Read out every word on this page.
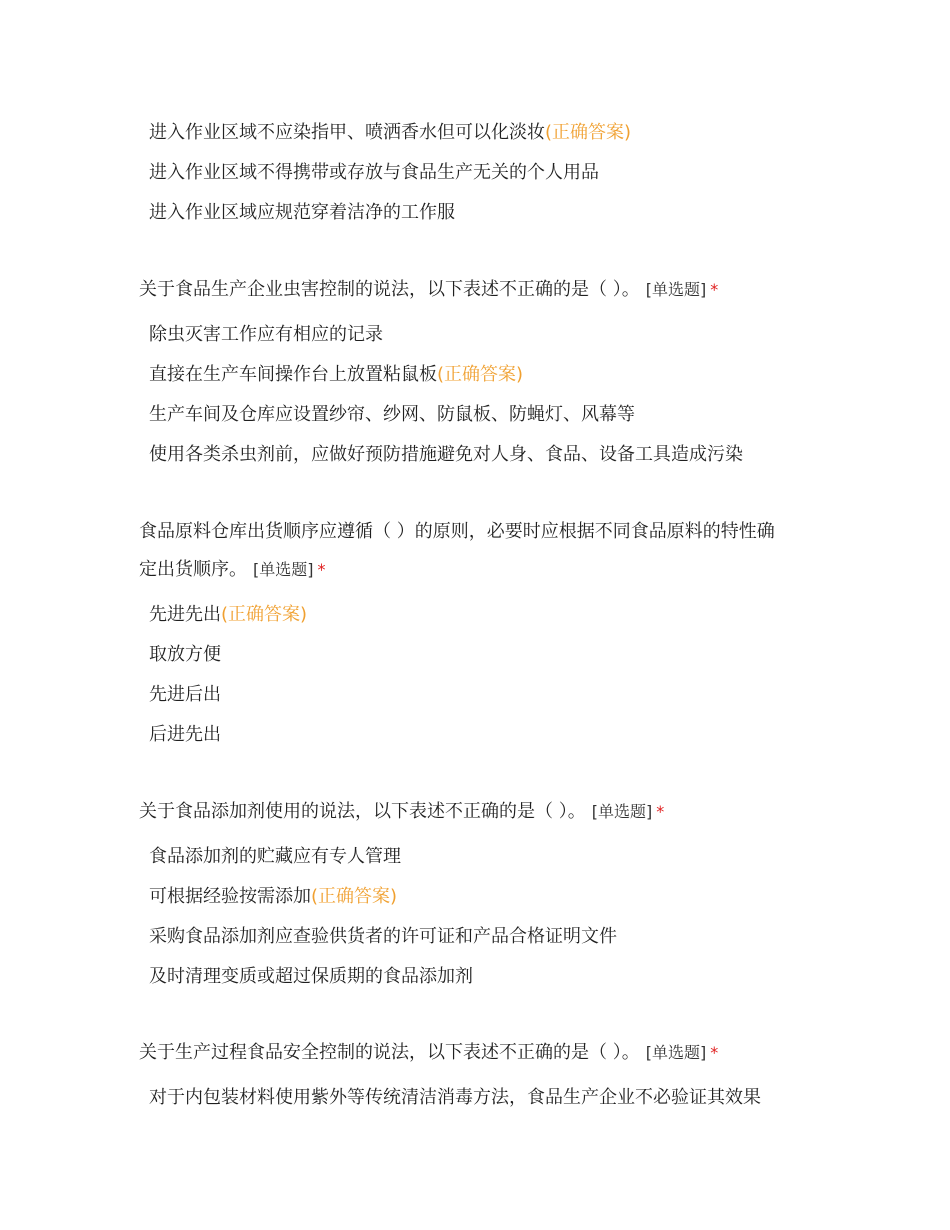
进入作业区域不应染指甲、喷洒香水但可以化淡妆(正确答案)
进入作业区域不得携带或存放与食品生产无关的个人用品
进入作业区域应规范穿着洁净的工作服
关于食品生产企业虫害控制的说法，以下表述不正确的是（ ）。 [单选题] *
除虫灭害工作应有相应的记录
直接在生产车间操作台上放置粘鼠板(正确答案)
生产车间及仓库应设置纱帘、纱网、防鼠板、防蝇灯、风幕等
使用各类杀虫剂前，应做好预防措施避免对人身、食品、设备工具造成污染
食品原料仓库出货顺序应遵循（ ）的原则，必要时应根据不同食品原料的特性确
定出货顺序。 [单选题] *
先进先出(正确答案)
取放方便
先进后出
后进先出
关于食品添加剂使用的说法，以下表述不正确的是（ ）。 [单选题] *
食品添加剂的贮藏应有专人管理
可根据经验按需添加(正确答案)
采购食品添加剂应查验供货者的许可证和产品合格证明文件
及时清理变质或超过保质期的食品添加剂
关于生产过程食品安全控制的说法，以下表述不正确的是（ ）。 [单选题] *
对于内包装材料使用紫外等传统清洁消毒方法，食品生产企业不必验证其效果
